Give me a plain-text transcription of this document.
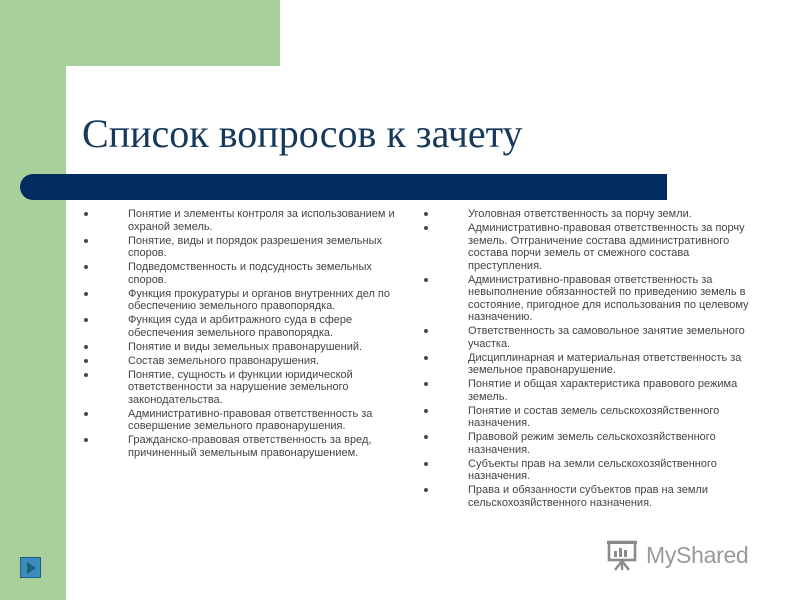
Список вопросов к зачету
Понятие и элементы контроля за использованием и охраной земель.
Понятие, виды и порядок разрешения земельных споров.
Подведомственность и подсудность земельных споров.
Функция прокуратуры и органов внутренних дел по обеспечению земельного правопорядка.
Функция суда и арбитражного суда в сфере обеспечения земельного правопорядка.
Понятие и виды земельных правонарушений.
Состав земельного правонарушения.
Понятие, сущность и функции юридической ответственности за нарушение земельного законодательства.
Административно-правовая ответственность за совершение земельного правонарушения.
Гражданско-правовая ответственность за вред, причиненный земельным правонарушением.
Уголовная ответственность за порчу земли.
Административно-правовая ответственность за порчу земель. Отграничение состава административного состава порчи земель от смежного состава преступления.
Административно-правовая ответственность за невыполнение обязанностей по приведению земель в состояние, пригодное для использования по целевому назначению.
Ответственность за самовольное занятие земельного участка.
Дисциплинарная и материальная ответственность за земельное правонарушение.
Понятие и общая характеристика правового режима земель.
Понятие и состав земель сельскохозяйственного назначения.
Правовой режим земель сельскохозяйственного назначения.
Субъекты прав на земли сельскохозяйственного назначения.
Права и обязанности субъектов прав на земли сельскохозяйственного назначения.
MyShared
